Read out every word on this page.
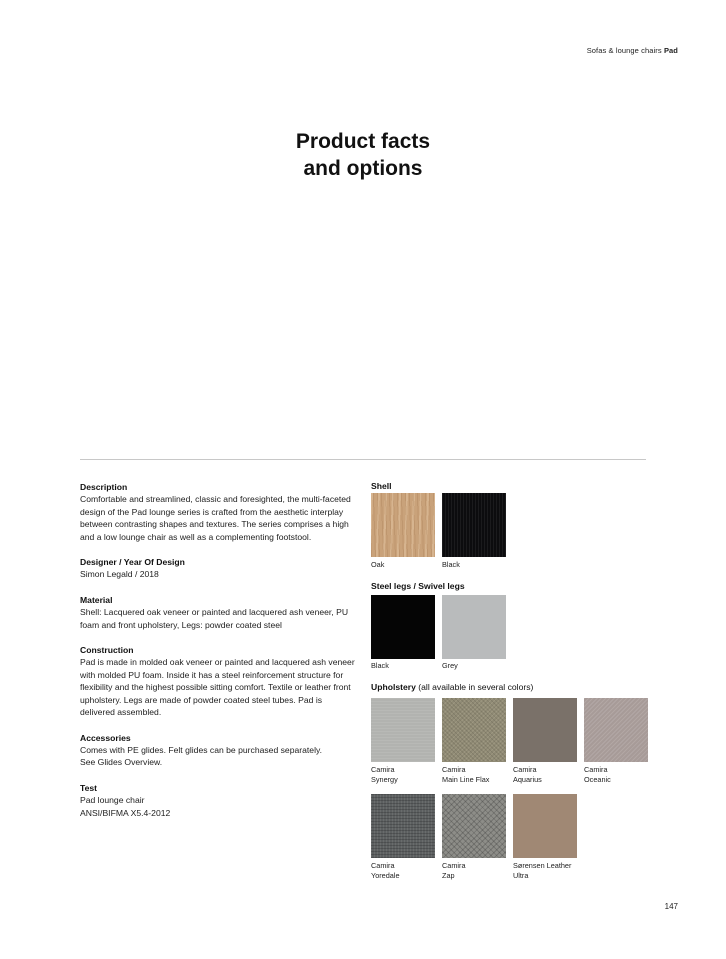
Sofas & lounge chairs Pad
Product facts
and options
Description

Comfortable and streamlined, classic and foresighted, the multi-faceted design of the Pad lounge series is crafted from the aesthetic interplay between contrasting shapes and textures. The series comprises a high and a low lounge chair as well as a complementing footstool.

Designer / Year Of Design

Simon Legald / 2018

Material

Shell: Lacquered oak veneer or painted and lacquered ash veneer, PU foam and front upholstery, Legs: powder coated steel

Construction

Pad is made in molded oak veneer or painted and lacquered ash veneer with molded PU foam. Inside it has a steel reinforcement structure for flexibility and the highest possible sitting comfort. Textile or leather front upholstery. Legs are made of powder coated steel tubes. Pad is delivered assembled.

Accessories

Comes with PE glides. Felt glides can be purchased separately.

See Glides Overview.

Test

Pad lounge chair

ANSI/BIFMA X5.4-2012

Shell
Oak	Black
Steel legs / Swivel legs
Black	Grey
Upholstery (all available in several colors)
Camira
Synergy
Camira
Main Line Flax
Camira
Aquarius
Camira
Oceanic
Camira
Yoredale
Camira
Zap
Sørensen Leather
Ultra
147
